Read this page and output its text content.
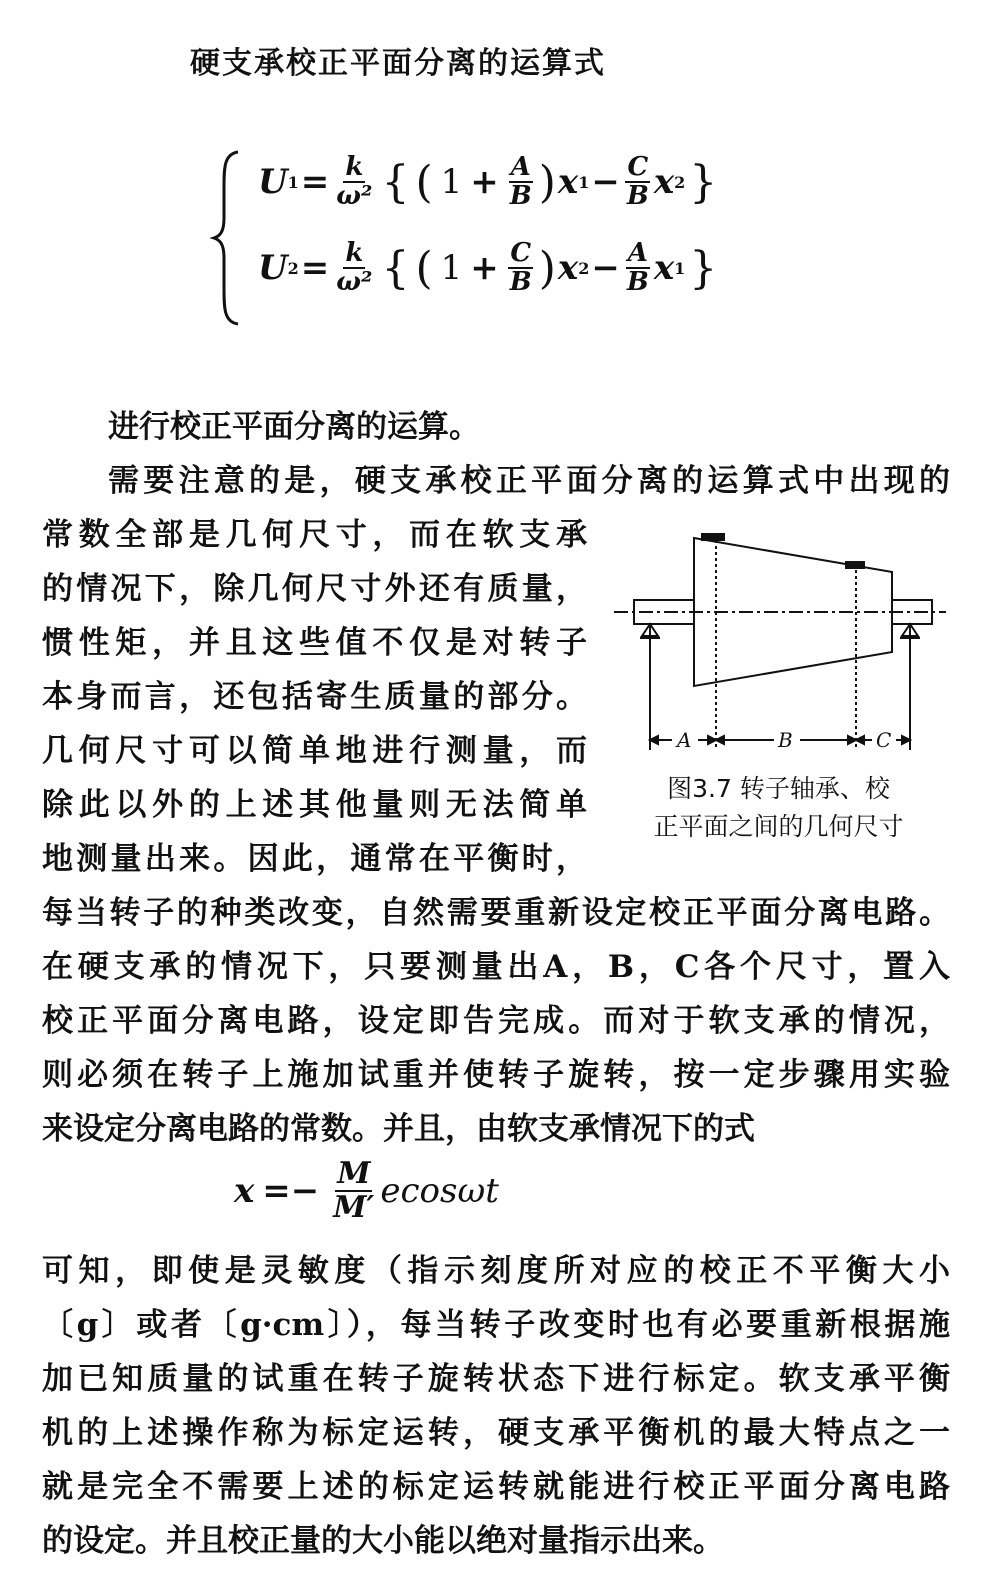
硬支承校正平面分离的运算式
U $1 = \frac{k}{\text{ω²}}$ { ( $1 + \frac{A}{B}$ ) x $1 - \frac{C}{B}$ x 2 }
U $2 = \frac{k}{\text{ω²}}$ { ( $1 + \frac{C}{B}$ ) x $2 - \frac{A}{B}$ x 1 }
进行校正平面分离的运算。
需要注意的是，硬支承校正平面分离的运算式中出现的
常数全部是几何尺寸，而在软支承
的情况下，除几何尺寸外还有质量，
惯性矩，并且这些值不仅是对转子
本身而言，还包括寄生质量的部分。
几何尺寸可以简单地进行测量，而
除此以外的上述其他量则无法简单
地测量出来。因此，通常在平衡时，
A	B	C
图3.7 转子轴承、校
正平面之间的几何尺寸
每当转子的种类改变，自然需要重新设定校正平面分离电路。
在硬支承的情况下，只要测量出A，B，C各个尺寸，置入
校正平面分离电路，设定即告完成。而对于软支承的情况，
则必须在转子上施加试重并使转子旋转，按一定步骤用实验
来设定分离电路的常数。并且，由软支承情况下的式
$x =- \frac{M}{M'}$ ecosωt
可知，即使是灵敏度（指示刻度所对应的校正不平衡大小
〔g〕或者〔g·cm〕），每当转子改变时也有必要重新根据施
加已知质量的试重在转子旋转状态下进行标定。软支承平衡
机的上述操作称为标定运转，硬支承平衡机的最大特点之一
就是完全不需要上述的标定运转就能进行校正平面分离电路
的设定。并且校正量的大小能以绝对量指示出来。
